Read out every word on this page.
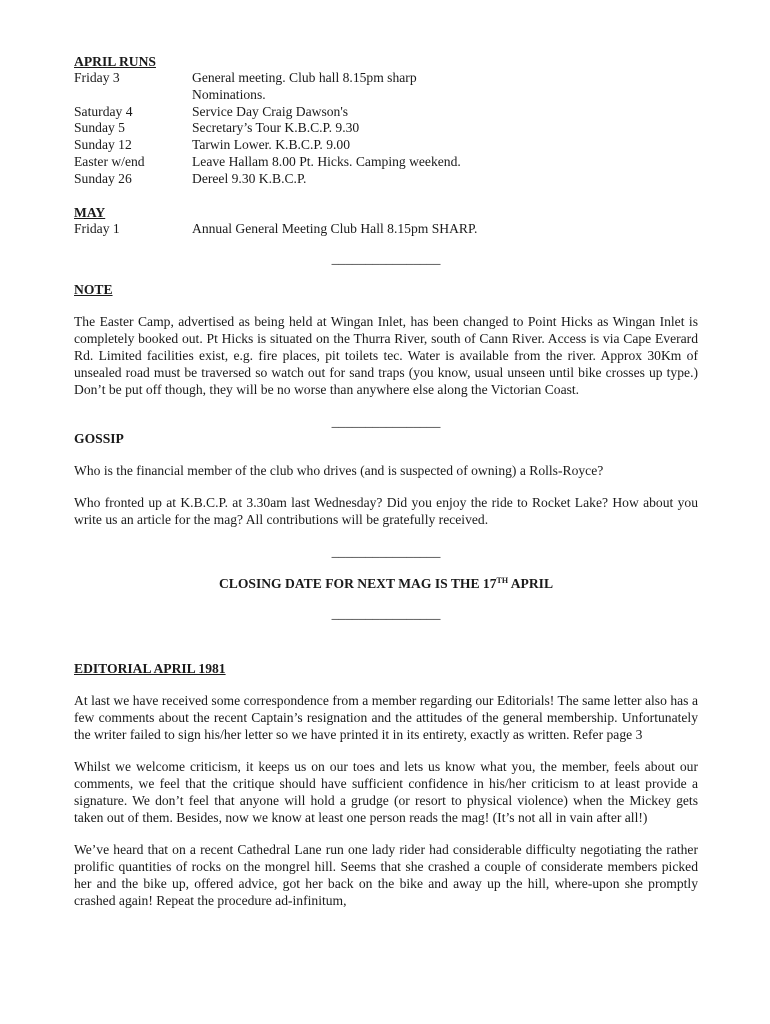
APRIL RUNS
Friday 3	General meeting. Club hall 8.15pm sharp
Nominations.
Saturday 4	Service Day Craig Dawson's
Sunday 5	Secretary’s Tour K.B.C.P. 9.30
Sunday 12	Tarwin Lower. K.B.C.P. 9.00
Easter w/end	Leave Hallam 8.00 Pt. Hicks. Camping weekend.
Sunday 26	Dereel 9.30 K.B.C.P.
MAY
Friday 1	Annual General Meeting Club Hall 8.15pm SHARP.
________________
NOTE

The Easter Camp, advertised as being held at Wingan Inlet, has been changed to Point Hicks as Wingan Inlet is completely booked out. Pt Hicks is situated on the Thurra River, south of Cann River. Access is via Cape Everard Rd. Limited facilities exist, e.g. fire places, pit toilets tec. Water is available from the river. Approx 30Km of unsealed road must be traversed so watch out for sand traps (you know, usual unseen until bike crosses up type.) Don’t be put off though, they will be no worse than anywhere else along the Victorian Coast.

________________
GOSSIP

Who is the financial member of the club who drives (and is suspected of owning) a Rolls-Royce?

Who fronted up at K.B.C.P. at 3.30am last Wednesday? Did you enjoy the ride to Rocket Lake? How about you write us an article for the mag? All contributions will be gratefully received.

________________
CLOSING DATE FOR NEXT MAG IS THE 17TH APRIL
________________
EDITORIAL APRIL 1981

At last we have received some correspondence from a member regarding our Editorials! The same letter also has a few comments about the recent Captain’s resignation and the attitudes of the general membership. Unfortunately the writer failed to sign his/her letter so we have printed it in its entirety, exactly as written. Refer page 3

Whilst we welcome criticism, it keeps us on our toes and lets us know what you, the member, feels about our comments, we feel that the critique should have sufficient confidence in his/her criticism to at least provide a signature. We don’t feel that anyone will hold a grudge (or resort to physical violence) when the Mickey gets taken out of them. Besides, now we know at least one person reads the mag! (It’s not all in vain after all!)

We’ve heard that on a recent Cathedral Lane run one lady rider had considerable difficulty negotiating the rather prolific quantities of rocks on the mongrel hill. Seems that she crashed a couple of considerate members picked her and the bike up, offered advice, got her back on the bike and away up the hill, where-upon she promptly crashed again! Repeat the procedure ad-infinitum,
